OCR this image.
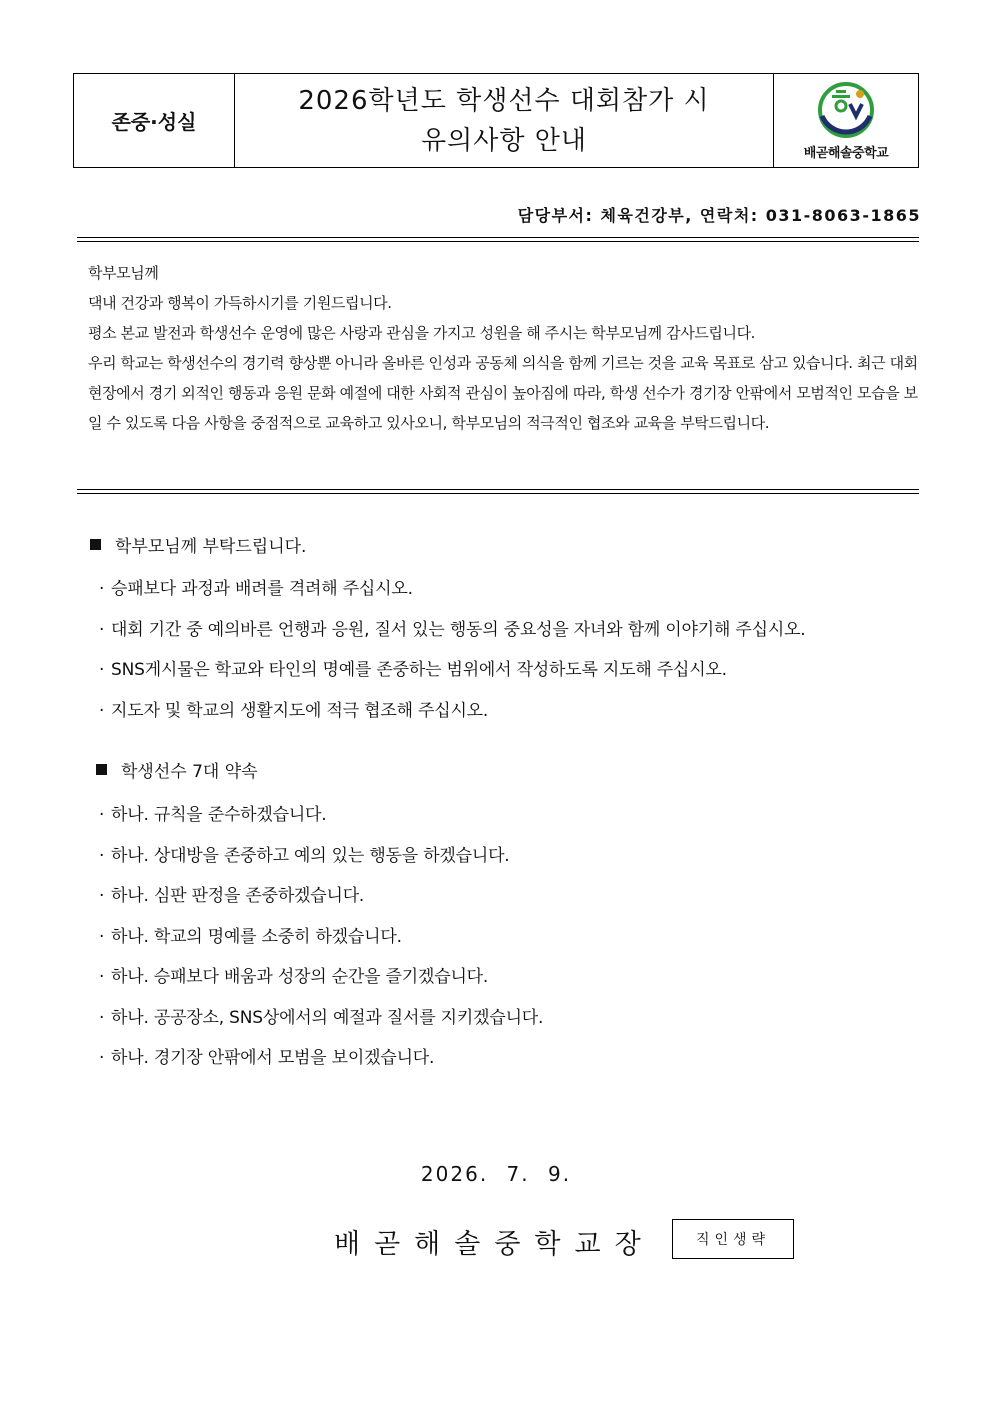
존중·성실
2026학년도 학생선수 대회참가 시
유의사항 안내	배곧해솔중학교
담당부서: 체육건강부, 연락처: 031-8063-1865

학부모님께

댁내 건강과 행복이 가득하시기를 기원드립니다.

평소 본교 발전과 학생선수 운영에 많은 사랑과 관심을 가지고 성원을 해 주시는 학부모님께 감사드립니다.

우리 학교는 학생선수의 경기력 향상뿐 아니라 올바른 인성과 공동체 의식을 함께 기르는 것을 교육 목표로 삼고 있습니다. 최근 대회 현장에서 경기 외적인 행동과 응원 문화 예절에 대한 사회적 관심이 높아짐에 따라, 학생 선수가 경기장 안팎에서 모범적인 모습을 보일 수 있도록 다음 사항을 중점적으로 교육하고 있사오니, 학부모님의 적극적인 협조와 교육을 부탁드립니다.

학부모님께 부탁드립니다.
· 승패보다 과정과 배려를 격려해 주십시오.
· 대회 기간 중 예의바른 언행과 응원, 질서 있는 행동의 중요성을 자녀와 함께 이야기해 주십시오.
· SNS게시물은 학교와 타인의 명예를 존중하는 범위에서 작성하도록 지도해 주십시오.
· 지도자 및 학교의 생활지도에 적극 협조해 주십시오.
학생선수 7대 약속
· 하나. 규칙을 준수하겠습니다.
· 하나. 상대방을 존중하고 예의 있는 행동을 하겠습니다.
· 하나. 심판 판정을 존중하겠습니다.
· 하나. 학교의 명예를 소중히 하겠습니다.
· 하나. 승패보다 배움과 성장의 순간을 즐기겠습니다.
· 하나. 공공장소, SNS상에서의 예절과 질서를 지키겠습니다.
· 하나. 경기장 안팎에서 모범을 보이겠습니다.
2026. 7. 9.
배곧해솔중학교장	직인생략
